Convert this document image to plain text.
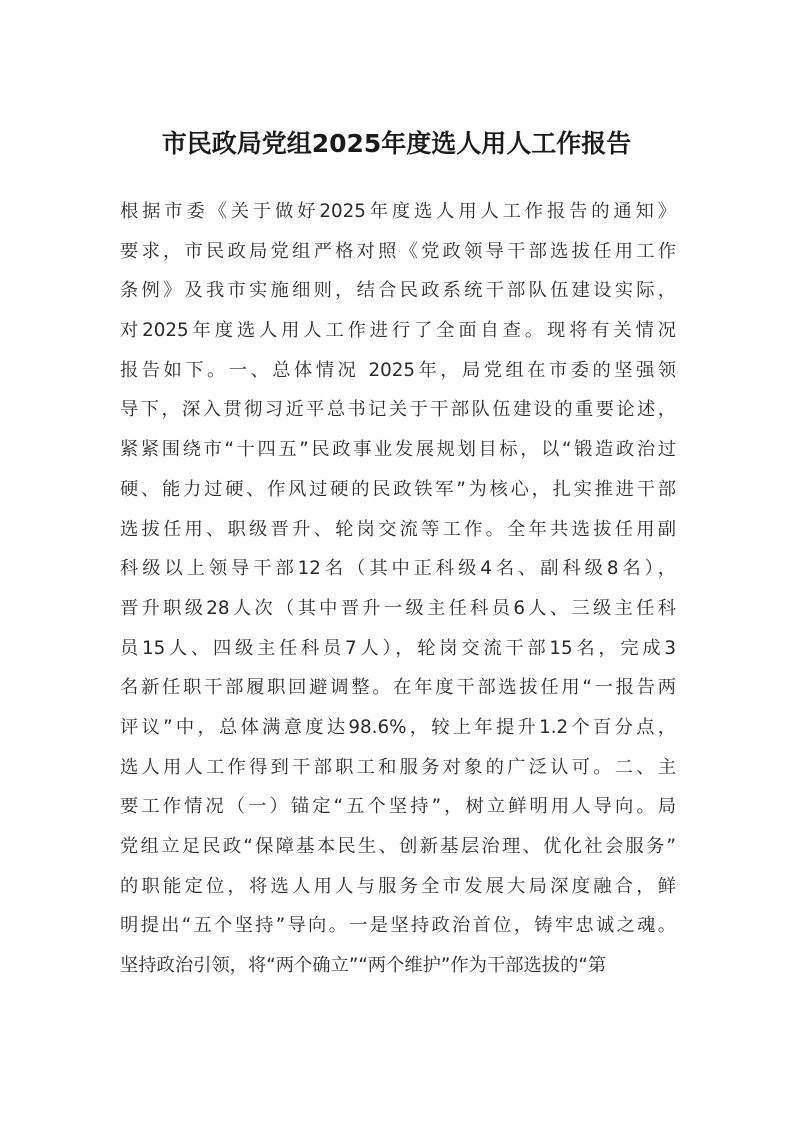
市民政局党组2025年度选人用人工作报告
根据市委《关于做好2025年度选人用人工作报告的通知》
要求，市民政局党组严格对照《党政领导干部选拔任用工作
条例》及我市实施细则，结合民政系统干部队伍建设实际，
对2025年度选人用人工作进行了全面自查。现将有关情况
报告如下。一、总体情况 2025年，局党组在市委的坚强领
导下，深入贯彻习近平总书记关于干部队伍建设的重要论述，
紧紧围绕市“十四五”民政事业发展规划目标，以“锻造政治过
硬、能力过硬、作风过硬的民政铁军”为核心，扎实推进干部
选拔任用、职级晋升、轮岗交流等工作。全年共选拔任用副
科级以上领导干部12名（其中正科级4名、副科级8名），
晋升职级28人次（其中晋升一级主任科员6人、三级主任科
员15人、四级主任科员7人），轮岗交流干部15名，完成3
名新任职干部履职回避调整。在年度干部选拔任用“一报告两
评议”中，总体满意度达98.6%，较上年提升1.2个百分点，
选人用人工作得到干部职工和服务对象的广泛认可。二、主
要工作情况（一）锚定“五个坚持”，树立鲜明用人导向。局
党组立足民政“保障基本民生、创新基层治理、优化社会服务”
的职能定位，将选人用人与服务全市发展大局深度融合，鲜
明提出“五个坚持”导向。一是坚持政治首位，铸牢忠诚之魂。
坚持政治引领，将“两个确立”“两个维护”作为干部选拔的“第
